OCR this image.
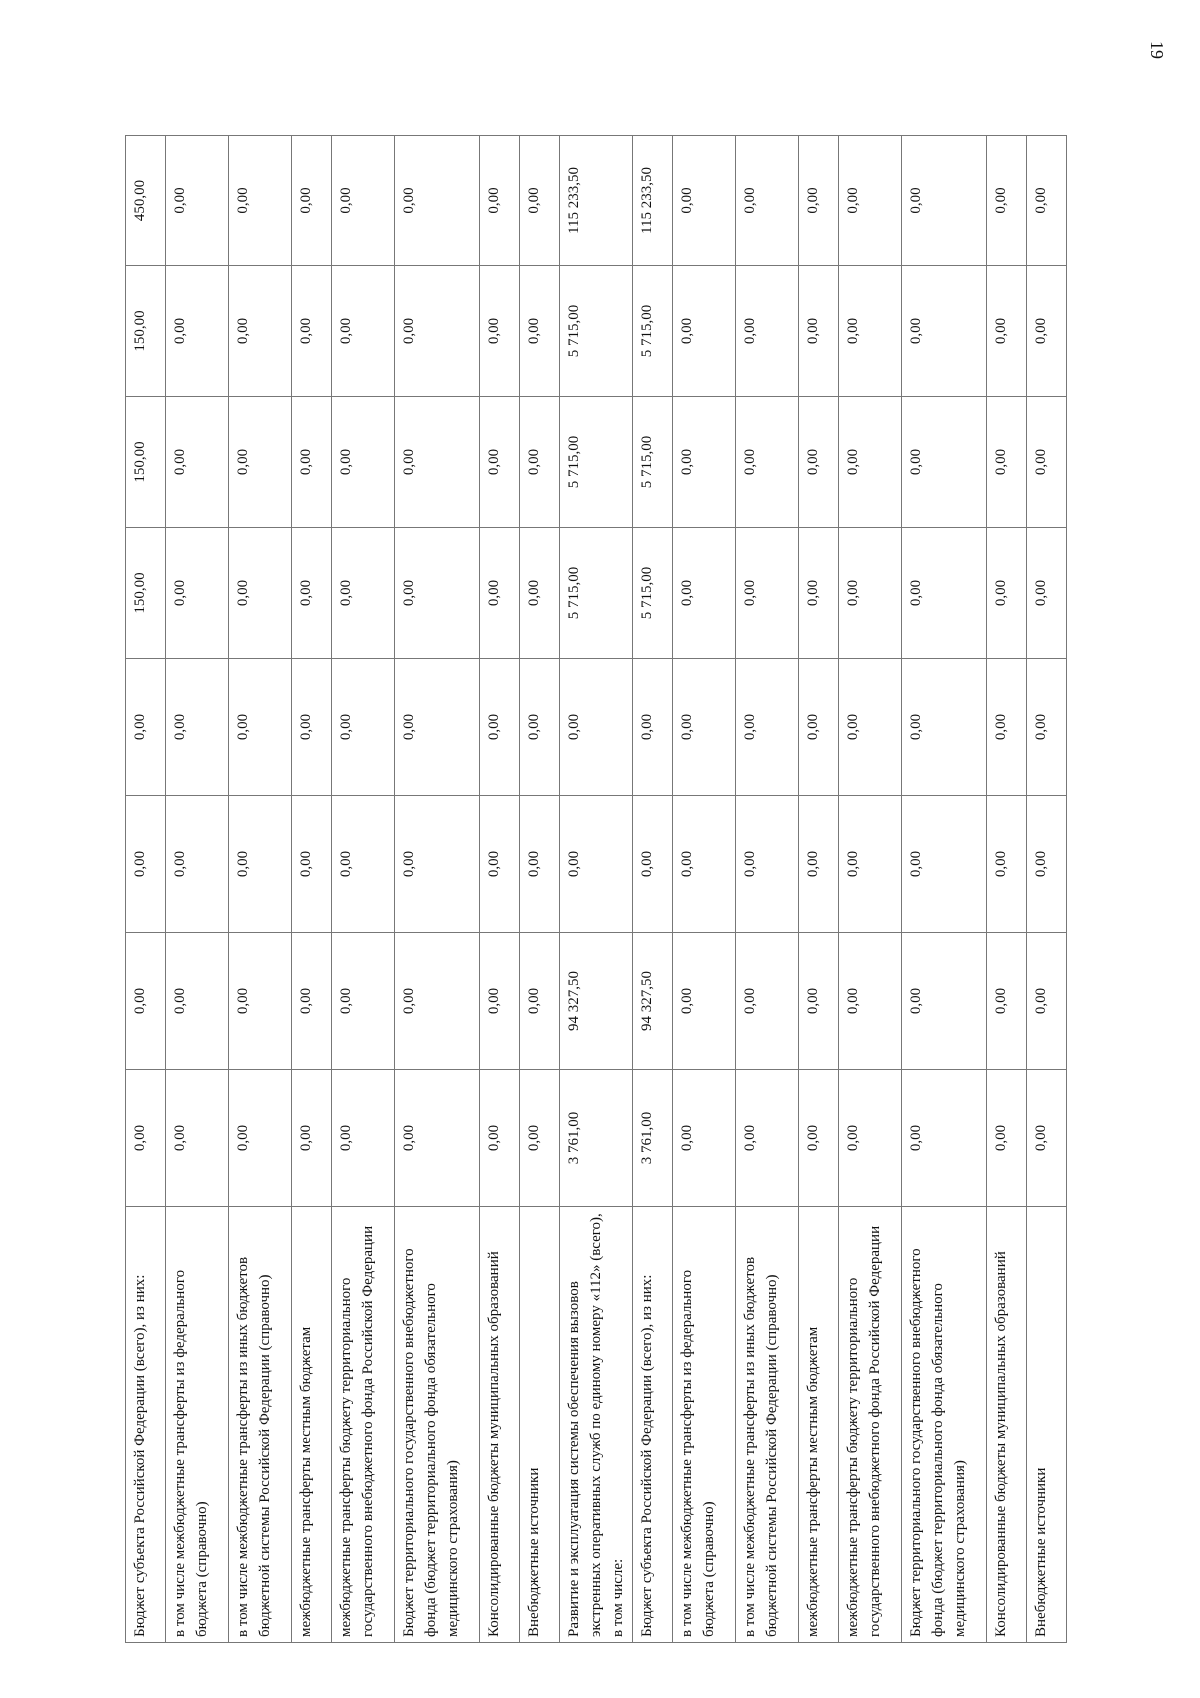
19
Бюджет субъекта Российской Федерации (всего), из них:	0,00	0,00	0,00	0,00	150,00	150,00	150,00	450,00
в том числе межбюджетные трансферты из федерального бюджета (справочно)	0,00	0,00	0,00	0,00	0,00	0,00	0,00	0,00
в том числе межбюджетные трансферты из иных бюджетов бюджетной системы Российской Федерации (справочно)	0,00	0,00	0,00	0,00	0,00	0,00	0,00	0,00
межбюджетные трансферты местным бюджетам	0,00	0,00	0,00	0,00	0,00	0,00	0,00	0,00
межбюджетные трансферты бюджету территориального государственного внебюджетного фонда Российской Федерации	0,00	0,00	0,00	0,00	0,00	0,00	0,00	0,00
Бюджет территориального государственного внебюджетного фонда (бюджет территориального фонда обязательного медицинского страхования)	0,00	0,00	0,00	0,00	0,00	0,00	0,00	0,00
Консолидированные бюджеты муниципальных образований	0,00	0,00	0,00	0,00	0,00	0,00	0,00	0,00
Внебюджетные источники	0,00	0,00	0,00	0,00	0,00	0,00	0,00	0,00
Развитие и эксплуатация системы обеспечения вызовов экстренных оперативных служб по единому номеру «112» (всего), в том числе:	3 761,00	94 327,50	0,00	0,00	5 715,00	5 715,00	5 715,00	115 233,50
Бюджет субъекта Российской Федерации (всего), из них:	3 761,00	94 327,50	0,00	0,00	5 715,00	5 715,00	5 715,00	115 233,50
в том числе межбюджетные трансферты из федерального бюджета (справочно)	0,00	0,00	0,00	0,00	0,00	0,00	0,00	0,00
в том числе межбюджетные трансферты из иных бюджетов бюджетной системы Российской Федерации (справочно)	0,00	0,00	0,00	0,00	0,00	0,00	0,00	0,00
межбюджетные трансферты местным бюджетам	0,00	0,00	0,00	0,00	0,00	0,00	0,00	0,00
межбюджетные трансферты бюджету территориального государственного внебюджетного фонда Российской Федерации	0,00	0,00	0,00	0,00	0,00	0,00	0,00	0,00
Бюджет территориального государственного внебюджетного фонда (бюджет территориального фонда обязательного медицинского страхования)	0,00	0,00	0,00	0,00	0,00	0,00	0,00	0,00
Консолидированные бюджеты муниципальных образований	0,00	0,00	0,00	0,00	0,00	0,00	0,00	0,00
Внебюджетные источники	0,00	0,00	0,00	0,00	0,00	0,00	0,00	0,00
